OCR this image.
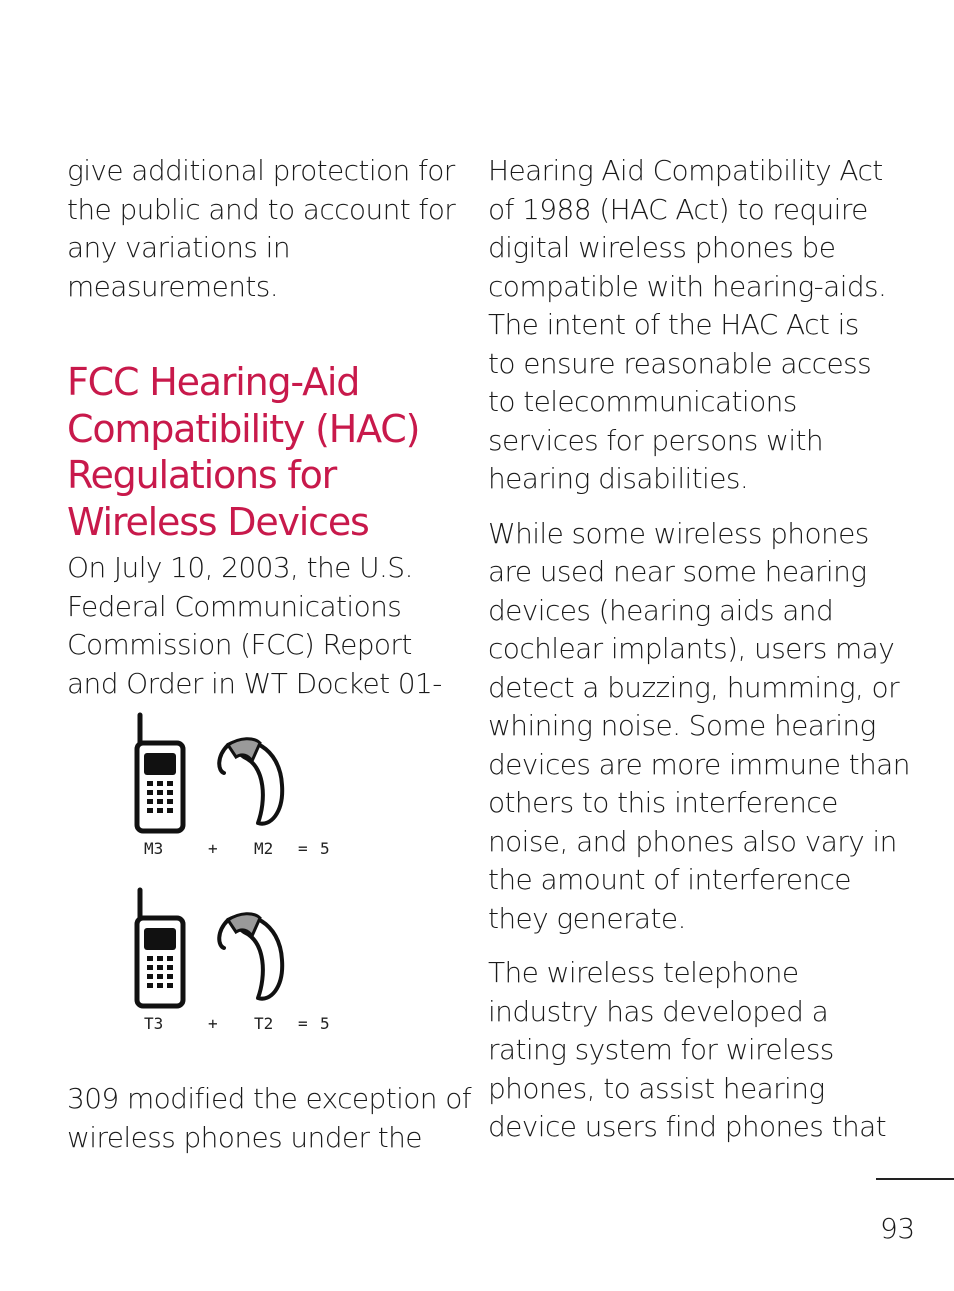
give additional protection for
the public and to account for
any variations in
measurements.

FCC Hearing-Aid
Compatibility (HAC)
Regulations for
Wireless Devices

On July 10, 2003, the U.S.
Federal Communications
Commission (FCC) Report
and Order in WT Docket 01-

M3	+ M2 = 5
T3	+ T2 = 5

309 modified the exception of
wireless phones under the

Hearing Aid Compatibility Act
of 1988 (HAC Act) to require
digital wireless phones be
compatible with hearing-aids.
The intent of the HAC Act is
to ensure reasonable access
to telecommunications
services for persons with
hearing disabilities.

While some wireless phones
are used near some hearing
devices (hearing aids and
cochlear implants), users may
detect a buzzing, humming, or
whining noise. Some hearing
devices are more immune than
others to this interference
noise, and phones also vary in
the amount of interference
they generate.

The wireless telephone
industry has developed a
rating system for wireless
phones, to assist hearing
device users find phones that

93
